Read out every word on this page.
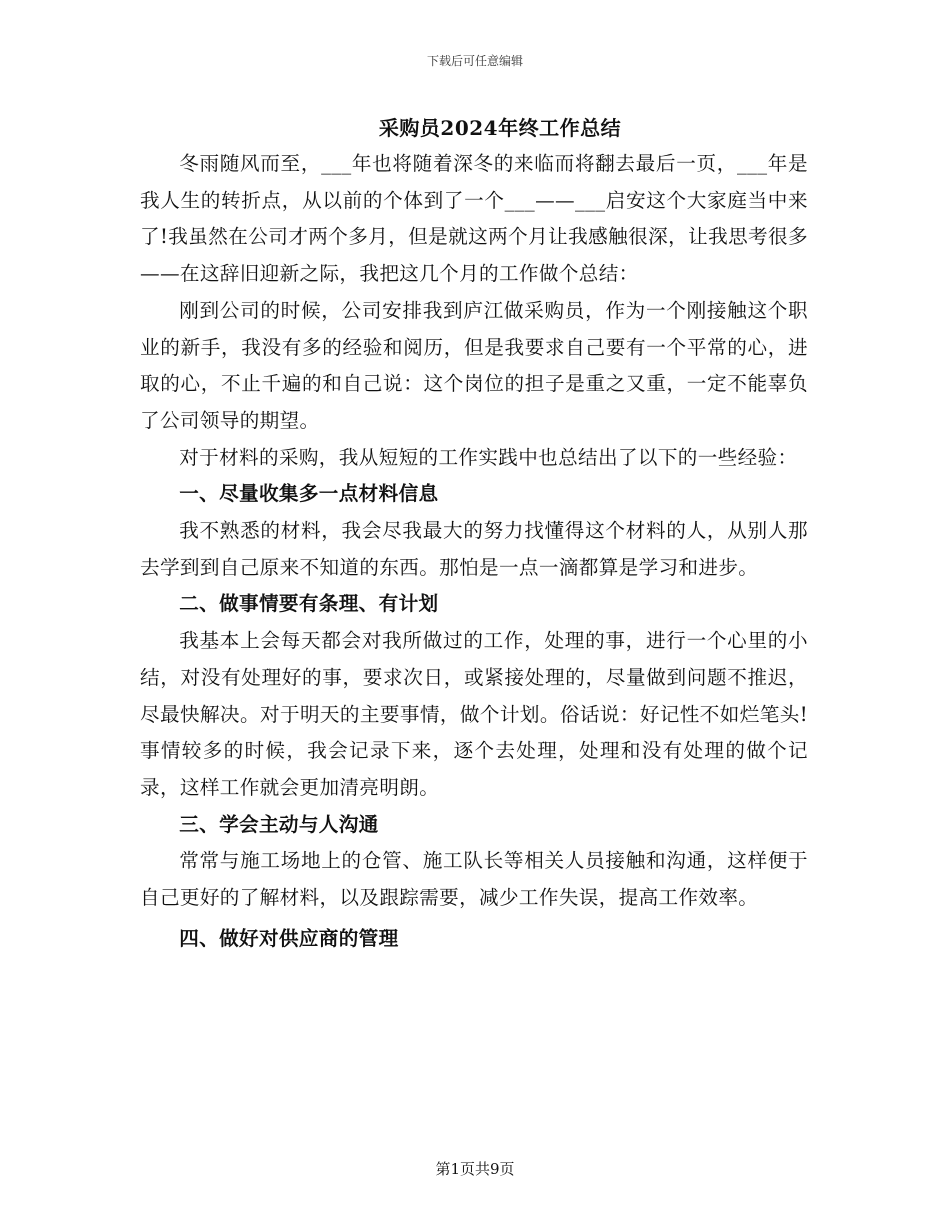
下载后可任意编辑
采购员2024年终工作总结

冬雨随风而至，___年也将随着深冬的来临而将翻去最后一页，___年是我人生的转折点，从以前的个体到了一个___——___启安这个大家庭当中来了!我虽然在公司才两个多月，但是就这两个月让我感触很深，让我思考很多——在这辞旧迎新之际，我把这几个月的工作做个总结：

刚到公司的时候，公司安排我到庐江做采购员，作为一个刚接触这个职业的新手，我没有多的经验和阅历，但是我要求自己要有一个平常的心，进取的心，不止千遍的和自己说：这个岗位的担子是重之又重，一定不能辜负了公司领导的期望。

对于材料的采购，我从短短的工作实践中也总结出了以下的一些经验：

一、尽量收集多一点材料信息

我不熟悉的材料，我会尽我最大的努力找懂得这个材料的人，从别人那去学到到自己原来不知道的东西。那怕是一点一滴都算是学习和进步。

二、做事情要有条理、有计划

我基本上会每天都会对我所做过的工作，处理的事，进行一个心里的小结，对没有处理好的事，要求次日，或紧接处理的，尽量做到问题不推迟，尽最快解决。对于明天的主要事情，做个计划。俗话说：好记性不如烂笔头!事情较多的时候，我会记录下来，逐个去处理，处理和没有处理的做个记录，这样工作就会更加清亮明朗。

三、学会主动与人沟通

常常与施工场地上的仓管、施工队长等相关人员接触和沟通，这样便于自己更好的了解材料，以及跟踪需要，减少工作失误，提高工作效率。

四、做好对供应商的管理
第1页共9页
